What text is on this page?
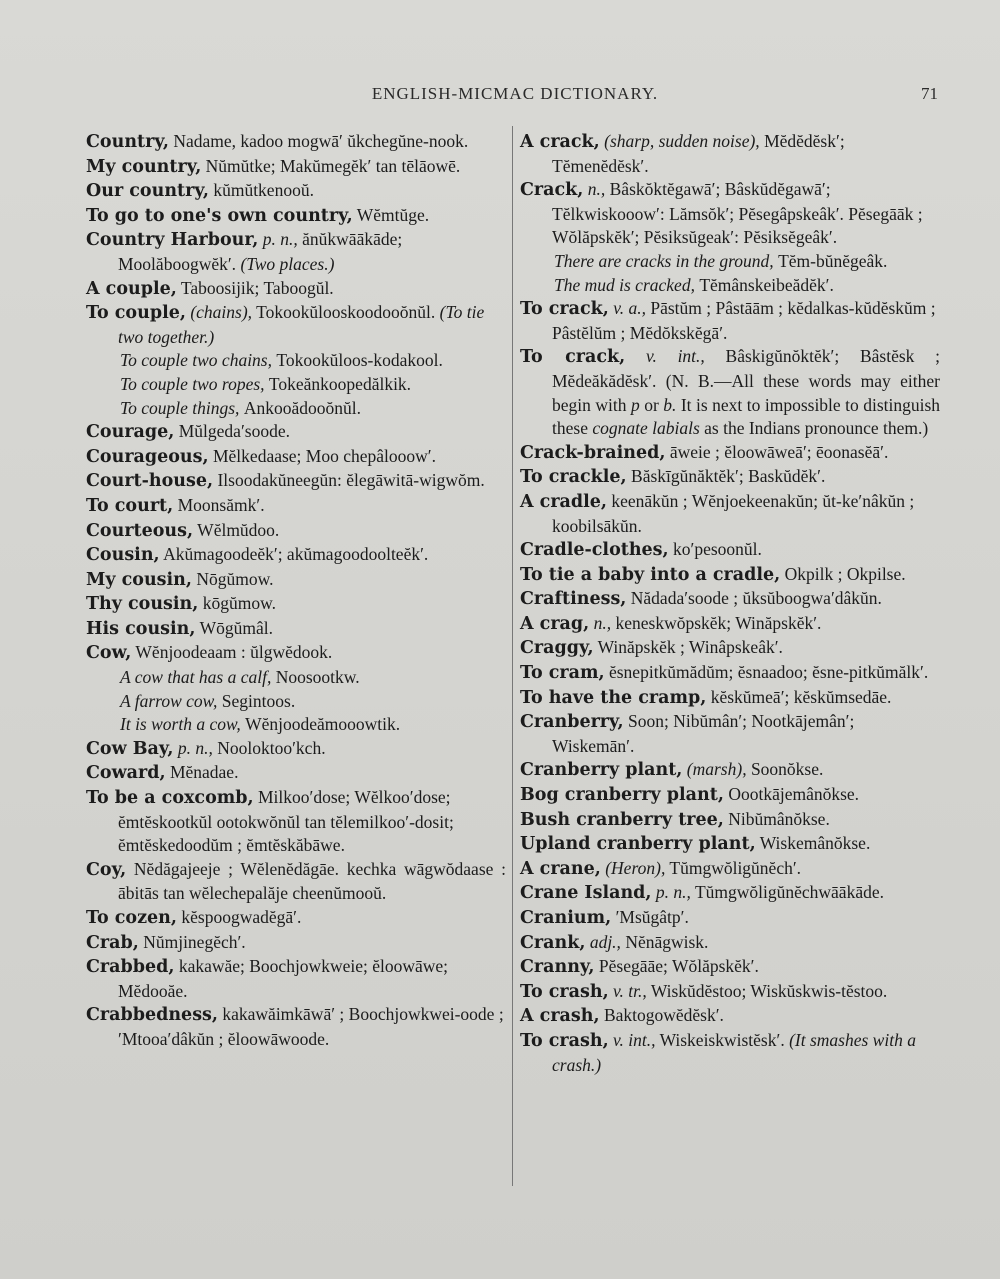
ENGLISH-MICMAC DICTIONARY.	71

Country, Nadame, kadoo mogwā′ ŭkchegŭne-nook.

My country, Nŭmŭtke; Makŭmegĕk′ tan tēlāowē.

Our country, kŭmŭtkenooŭ.

To go to one's own country, Wĕmtŭge.

Country Harbour, p. n., ănŭkwāākāde; Moolăboogwĕk′. (Two places.)

A couple, Taboosijik; Taboogŭl.

To couple, (chains), Tokookŭlooskoodooŏnŭl. (To tie two together.)

To couple two chains, Tokookŭloos-kodakool.

To couple two ropes, Tokeănkoopedălkik.

To couple things, Ankooădooŏnŭl.

Courage, Mŭlgeda′soode.

Courageous, Mĕlkedaase; Moo chepâlooow′.

Court-house, Ilsoodakŭneegŭn: ĕlegāwitā-wigwŏm.

To court, Moonsămk′.

Courteous, Wĕlmŭdoo.

Cousin, Akŭmagoodeĕk′; akŭmagoodoolteĕk′.

My cousin, Nōgŭmow.

Thy cousin, kōgŭmow.

His cousin, Wōgŭmâl.

Cow, Wĕnjoodeaam : ŭlgwĕdook.

A cow that has a calf, Noosootkw.

A farrow cow, Segintoos.

It is worth a cow, Wĕnjoodeămooowtik.

Cow Bay, p. n., Nooloktoo′kch.

Coward, Mĕnadae.

To be a coxcomb, Milkoo′dose; Wĕlkoo′dose; ĕmtĕskootkŭl ootokwŏnŭl tan tĕlemilkoo′-dosit; ĕmtĕskedoodŭm ; ĕmtĕskăbāwe.

Coy, Nĕdăgajeeje ; Wĕlenĕdăgāe. kechka wāgwŏdaase : ābitās tan wĕlechepalăje cheenŭmooŭ.

To cozen, kĕspoogwadĕgā′.

Crab, Nŭmjinegĕch′.

Crabbed, kakawăe; Boochjowkweie; ĕloowāwe; Mĕdooăe.

Crabbedness, kakawăimkāwā′ ; Boochjowkwei-oode ; ′Mtooa′dâkŭn ; ĕloowāwoode.

A crack, (sharp, sudden noise), Mĕdĕdĕsk′; Tĕmenĕdĕsk′.

Crack, n., Bâskŏktĕgawā′; Bâskŭdĕgawā′; Tĕlkwiskooow′: Lămsŏk′; Pĕsegâpskeâk′. Pĕsegāāk ; Wŏlăpskĕk′; Pĕsiksŭgeak′: Pĕsiksĕgeâk′.

There are cracks in the ground, Tĕm-bŭnĕgeâk.

The mud is cracked, Tĕmânskeibeădĕk′.

To crack, v. a., Pāstŭm ; Pâstāām ; kĕdalkas-kŭdĕskŭm ; Pâstĕlŭm ; Mĕdŏkskĕgā′.

To crack, v. int., Bâskigŭnŏktĕk′; Bâstĕsk ; Mĕdeăkădĕsk′. (N. B.—All these words may either begin with p or b. It is next to impossible to distinguish these cognate labials as the Indians pronounce them.)

Crack-brained, āweie ; ĕloowāweā′; ēoonasĕā′.

To crackle, Băskīgŭnăktĕk′; Baskŭdĕk′.

A cradle, keenākŭn ; Wĕnjoekeenakŭn; ŭt-ke′nâkŭn ; koobilsākŭn.

Cradle-clothes, ko′pesoonŭl.

To tie a baby into a cradle, Okpilk ; Okpilse.

Craftiness, Nădada′soode ; ŭksŭboogwa′dâkŭn.

A crag, n., keneskwŏpskĕk; Winăpskĕk′.

Craggy, Winăpskĕk ; Winâpskeâk′.

To cram, ĕsnepitkŭmădŭm; ĕsnaadoo; ĕsne-pitkŭmălk′.

To have the cramp, kĕskŭmeā′; kĕskŭmsedāe.

Cranberry, Soon; Nibŭmân′; Nootkājemân′; Wiskemān′.

Cranberry plant, (marsh), Soonŏkse.

Bog cranberry plant, Oootkājemânŏkse.

Bush cranberry tree, Nibŭmânŏkse.

Upland cranberry plant, Wiskemânŏkse.

A crane, (Heron), Tŭmgwŏligŭnĕch′.

Crane Island, p. n., Tŭmgwŏligŭnĕchwāākāde.

Cranium, ′Msŭgâtp′.

Crank, adj., Nĕnāgwisk.

Cranny, Pĕsegāāe; Wŏlăpskĕk′.

To crash, v. tr., Wiskŭdĕstoo; Wiskŭskwis-tĕstoo.

A crash, Baktogowĕdĕsk′.

To crash, v. int., Wiskeiskwistĕsk′. (It smashes with a crash.)
